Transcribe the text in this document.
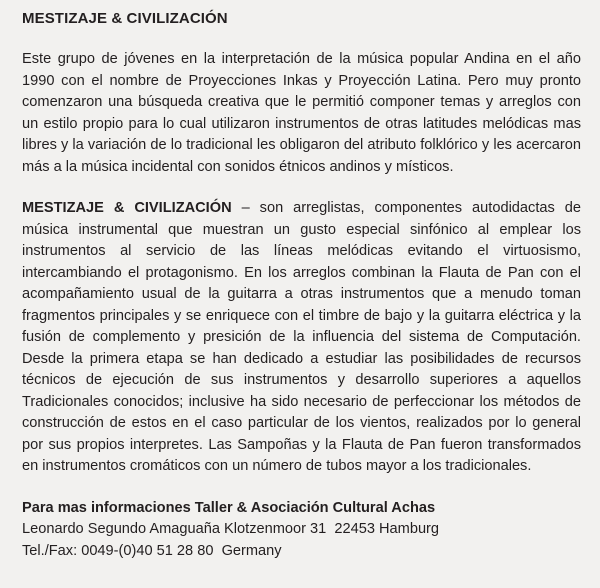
MESTIZAJE & CIVILIZACIÓN

Este grupo de jóvenes en la interpretación de la música popular Andina en el año 1990 con el nombre de Proyecciones Inkas y Proyección Latina. Pero muy pronto comenzaron una búsqueda creativa que le permitió componer temas y arreglos con un estilo propio para lo cual utilizaron instrumentos de otras latitudes melódicas mas libres y la variación de lo tradicional les obligaron del atributo folklórico y les acercaron más a la música incidental con sonidos étnicos andinos y místicos.

MESTIZAJE & CIVILIZACIÓN – son arreglistas, componentes autodidactas de música instrumental que muestran un gusto especial sinfónico al emplear los instrumentos al servicio de las líneas melódicas evitando el virtuosismo, intercambiando el protagonismo. En los arreglos combinan la Flauta de Pan con el acompañamiento usual de la guitarra a otras instrumentos que a menudo toman fragmentos principales y se enriquece con el timbre de bajo y la guitarra eléctrica y la fusión de complemento y presición de la influencia del sistema de Computación. Desde la primera etapa se han dedicado a estudiar las posibilidades de recursos técnicos de ejecución de sus instrumentos y desarrollo superiores a aquellos Tradicionales conocidos; inclusive ha sido necesario de perfeccionar los métodos de construcción de estos en el caso particular de los vientos, realizados por lo general por sus propios interpretes. Las Sampoñas y la Flauta de Pan fueron transformados en instrumentos cromáticos con un número de tubos mayor a los tradicionales.

Para mas informaciones Taller & Asociación Cultural Achas
Leonardo Segundo Amaguaña Klotzenmoor 31  22453 Hamburg
Tel./Fax: 0049-(0)40 51 28 80  Germany
